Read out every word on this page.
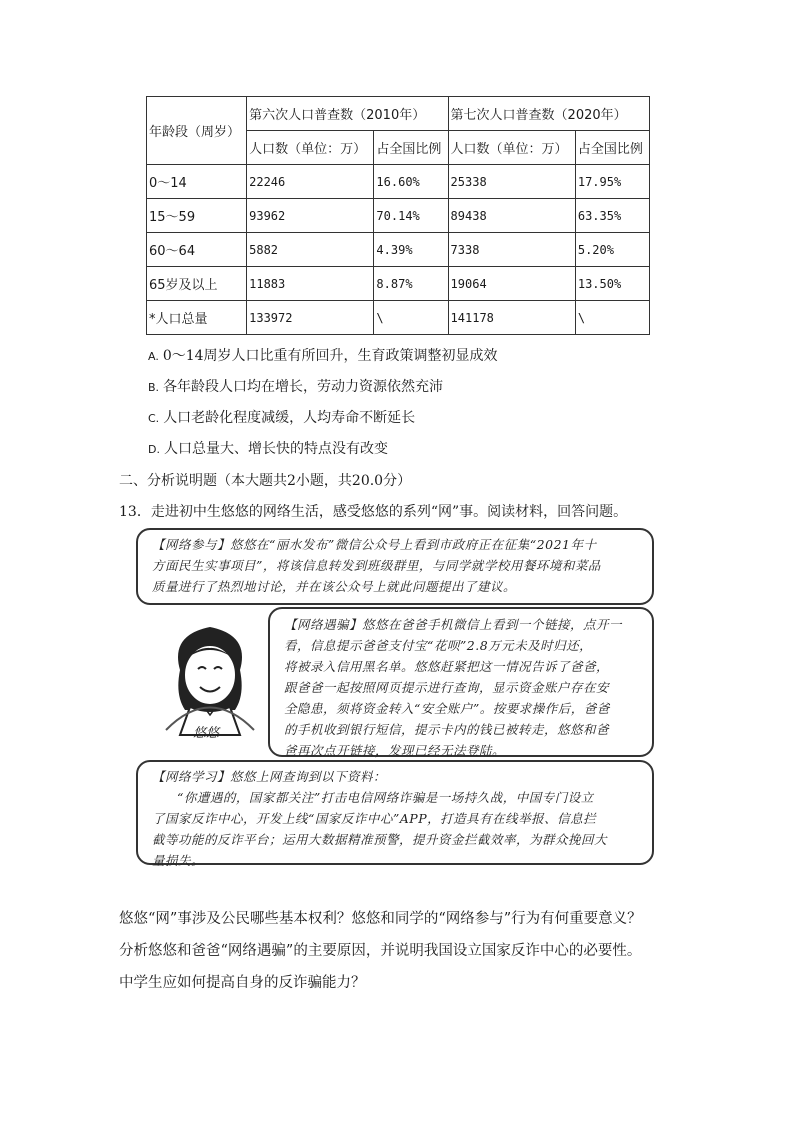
年龄段（周岁）	第六次人口普查数（2010年）		第七次人口普查数（2020年）	
	人口数（单位：万）	占全国比例	人口数（单位：万）	占全国比例
0～14	22246	16.60%	25338	17.95%
15～59	93962	70.14%	89438	63.35%
60～64	5882	4.39%	7338	5.20%
65岁及以上	11883	8.87%	19064	13.50%
*人口总量	133972	\	141178	\
A. 0～14周岁人口比重有所回升，生育政策调整初显成效
B. 各年龄段人口均在增长，劳动力资源依然充沛
C. 人口老龄化程度减缓，人均寿命不断延长
D. 人口总量大、增长快的特点没有改变
二、分析说明题（本大题共2小题，共20.0分）
13．走进初中生悠悠的网络生活，感受悠悠的系列“网”事。阅读材料，回答问题。

【网络参与】悠悠在“丽水发布”微信公众号上看到市政府正在征集“2021年十

方面民生实事项目”，将该信息转发到班级群里，与同学就学校用餐环境和菜品

质量进行了热烈地讨论，并在该公众号上就此问题提出了建议。

悠悠

【网络遇骗】悠悠在爸爸手机微信上看到一个链接，点开一

看，信息提示爸爸支付宝“花呗”2.8万元未及时归还，

将被录入信用黑名单。悠悠赶紧把这一情况告诉了爸爸，

跟爸爸一起按照网页提示进行查询，显示资金账户存在安

全隐患，须将资金转入“安全账户”。按要求操作后，爸爸

的手机收到银行短信，提示卡内的钱已被转走，悠悠和爸

爸再次点开链接，发现已经无法登陆。

【网络学习】悠悠上网查询到以下资料：

“你遭遇的，国家都关注”打击电信网络诈骗是一场持久战，中国专门设立

了国家反诈中心，开发上线“国家反诈中心”APP，打造具有在线举报、信息拦

截等功能的反诈平台；运用大数据精准预警，提升资金拦截效率，为群众挽回大

量损失。

悠悠“网”事涉及公民哪些基本权利？悠悠和同学的“网络参与”行为有何重要意义？
分析悠悠和爸爸“网络遇骗”的主要原因，并说明我国设立国家反诈中心的必要性。
中学生应如何提高自身的反诈骗能力？
